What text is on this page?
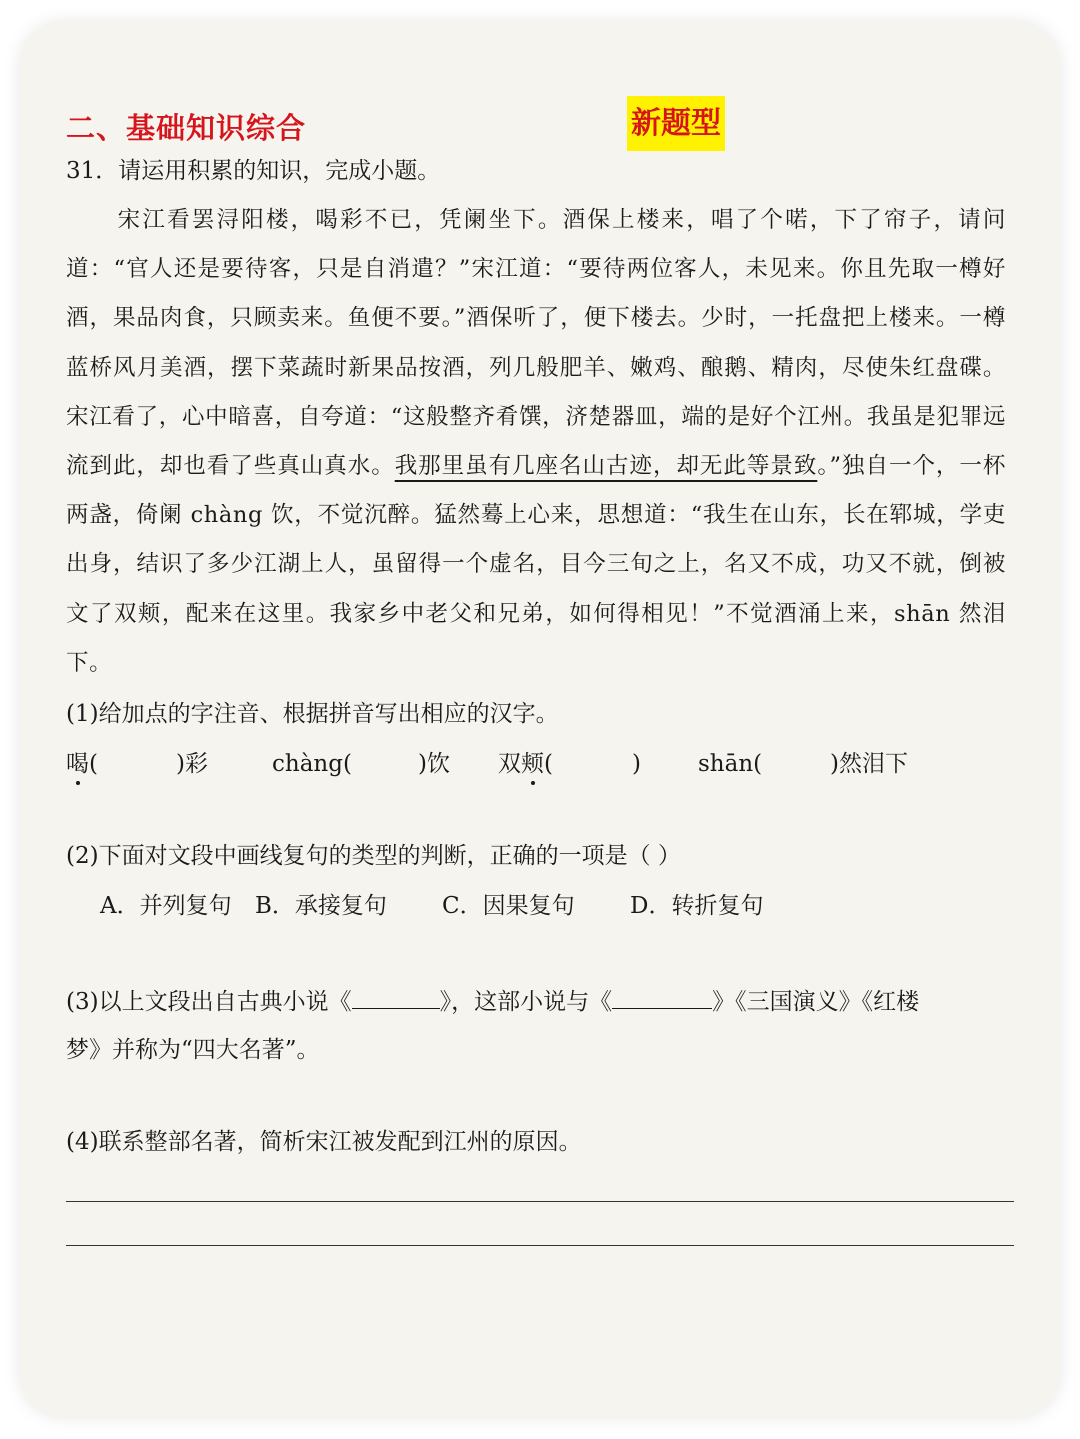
二、基础知识综合	新题型
31．请运用积累的知识，完成小题。

宋江看罢浔阳楼，喝彩不已，凭阑坐下。酒保上楼来，唱了个喏，下了帘子，请问道：“官人还是要待客，只是自消遣？”宋江道：“要待两位客人，未见来。你且先取一樽好酒，果品肉食，只顾卖来。鱼便不要。”酒保听了，便下楼去。少时，一托盘把上楼来。一樽蓝桥风月美酒，摆下菜蔬时新果品按酒，列几般肥羊、嫩鸡、酿鹅、精肉，尽使朱红盘碟。宋江看了，心中暗喜，自夸道：“这般整齐肴馔，济楚器皿，端的是好个江州。我虽是犯罪远流到此，却也看了些真山真水。我那里虽有几座名山古迹，却无此等景致。”独自一个，一杯两盏，倚阑 chàng 饮，不觉沉醉。猛然蓦上心来，思想道：“我生在山东，长在郓城，学吏出身，结识了多少江湖上人，虽留得一个虚名，目今三旬之上，名又不成，功又不就，倒被文了双颊，配来在这里。我家乡中老父和兄弟，如何得相见！”不觉酒涌上来，shān 然泪下。

(1)给加点的字注音、根据拼音写出相应的汉字。
喝(	)彩	chàng(	)饮 双颊(	) shān(	)然泪下
(2)下面对文段中画线复句的类型的判断，正确的一项是（ ）
A．并列复句 B．承接复句 C．因果复句 D．转折复句
(3)以上文段出自古典小说《	》，这部小说与《	》《三国演义》《红楼
梦》并称为“四大名著”。
(4)联系整部名著，简析宋江被发配到江州的原因。
